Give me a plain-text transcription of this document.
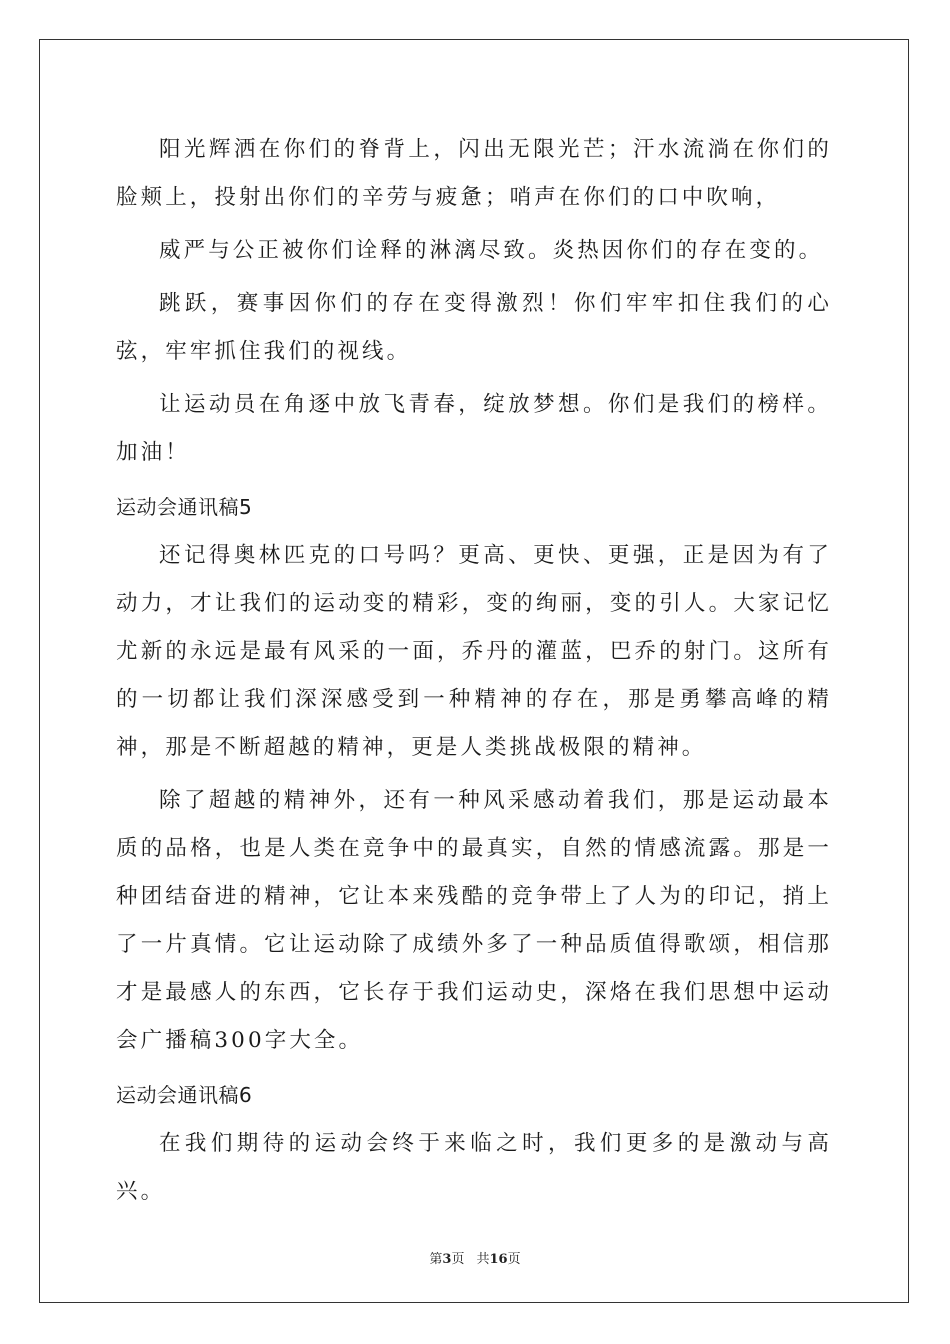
阳光辉洒在你们的脊背上，闪出无限光芒；汗水流淌在你们的脸颊上，投射出你们的辛劳与疲惫；哨声在你们的口中吹响，

威严与公正被你们诠释的淋漓尽致。炎热因你们的存在变的。

跳跃，赛事因你们的存在变得激烈！你们牢牢扣住我们的心弦，牢牢抓住我们的视线。

让运动员在角逐中放飞青春，绽放梦想。你们是我们的榜样。加油！

运动会通讯稿5

还记得奥林匹克的口号吗？更高、更快、更强，正是因为有了动力，才让我们的运动变的精彩，变的绚丽，变的引人。大家记忆尤新的永远是最有风采的一面，乔丹的灌蓝，巴乔的射门。这所有的一切都让我们深深感受到一种精神的存在，那是勇攀高峰的精神，那是不断超越的精神，更是人类挑战极限的精神。

除了超越的精神外，还有一种风采感动着我们，那是运动最本质的品格，也是人类在竞争中的最真实，自然的情感流露。那是一种团结奋进的精神，它让本来残酷的竞争带上了人为的印记，捎上了一片真情。它让运动除了成绩外多了一种品质值得歌颂，相信那才是最感人的东西，它长存于我们运动史，深烙在我们思想中运动会广播稿300字大全。

运动会通讯稿6

在我们期待的运动会终于来临之时，我们更多的是激动与高兴。

第3页 共16页
